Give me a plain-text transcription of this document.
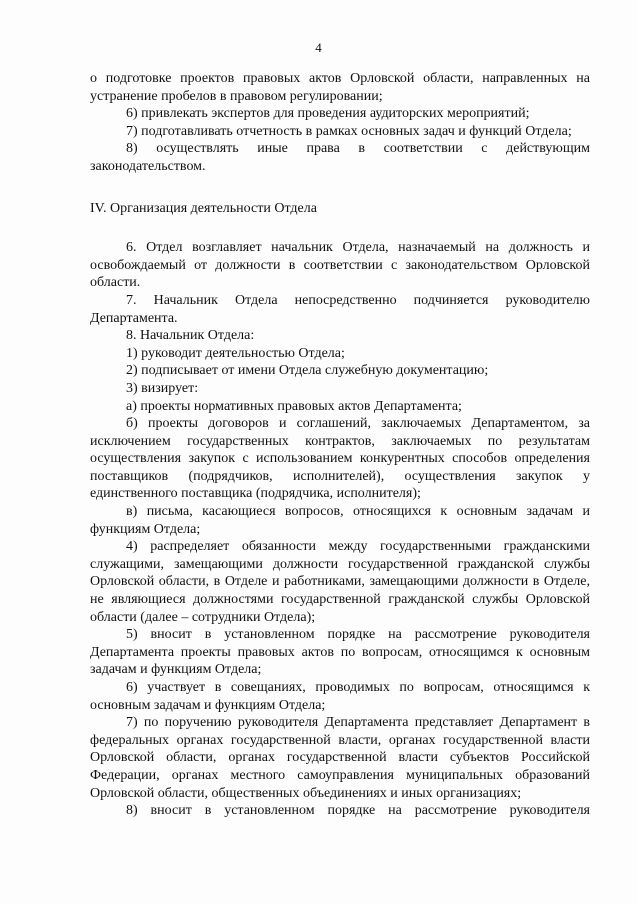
4

о подготовке проектов правовых актов Орловской области, направленных на устранение пробелов в правовом регулировании;

6) привлекать экспертов для проведения аудиторских мероприятий;

7) подготавливать отчетность в рамках основных задач и функций Отдела;

8) осуществлять иные права в соответствии с действующим законодательством.

IV. Организация деятельности Отдела

6. Отдел возглавляет начальник Отдела, назначаемый на должность и освобождаемый от должности в соответствии с законодательством Орловской области.

7. Начальник Отдела непосредственно подчиняется руководителю Департамента.

8. Начальник Отдела:

1) руководит деятельностью Отдела;

2) подписывает от имени Отдела служебную документацию;

3) визирует:

а) проекты нормативных правовых актов Департамента;

б) проекты договоров и соглашений, заключаемых Департаментом, за исключением государственных контрактов, заключаемых по результатам осуществления закупок с использованием конкурентных способов определения поставщиков (подрядчиков, исполнителей), осуществления закупок у единственного поставщика (подрядчика, исполнителя);

в) письма, касающиеся вопросов, относящихся к основным задачам и функциям Отдела;

4) распределяет обязанности между государственными гражданскими служащими, замещающими должности государственной гражданской службы Орловской области, в Отделе и работниками, замещающими должности в Отделе, не являющиеся должностями государственной гражданской службы Орловской области (далее – сотрудники Отдела);

5) вносит в установленном порядке на рассмотрение руководителя Департамента проекты правовых актов по вопросам, относящимся к основным задачам и функциям Отдела;

6) участвует в совещаниях, проводимых по вопросам, относящимся к основным задачам и функциям Отдела;

7) по поручению руководителя Департамента представляет Департамент в федеральных органах государственной власти, органах государственной власти Орловской области, органах государственной власти субъектов Российской Федерации, органах местного самоуправления муниципальных образований Орловской области, общественных объединениях и иных организациях;

8) вносит в установленном порядке на рассмотрение руководителя
